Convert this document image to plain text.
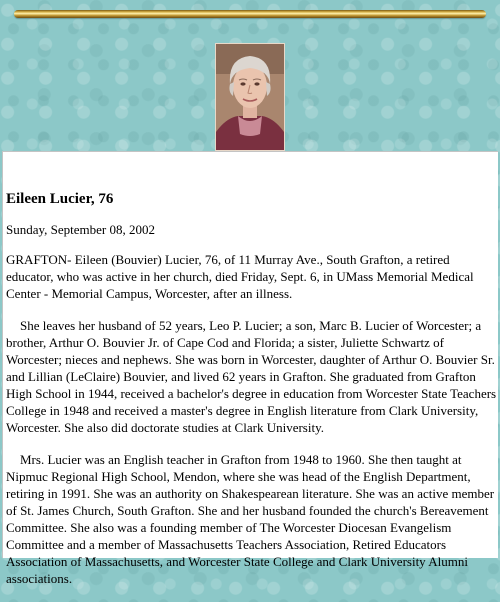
Eileen Lucier, 76
Sunday, September 08, 2002

GRAFTON- Eileen (Bouvier) Lucier, 76, of 11 Murray Ave., South Grafton, a retired educator, who was active in her church, died Friday, Sept. 6, in UMass Memorial Medical Center - Memorial Campus, Worcester, after an illness.

She leaves her husband of 52 years, Leo P. Lucier; a son, Marc B. Lucier of Worcester; a brother, Arthur O. Bouvier Jr. of Cape Cod and Florida; a sister, Juliette Schwartz of Worcester; nieces and nephews. She was born in Worcester, daughter of Arthur O. Bouvier Sr. and Lillian (LeClaire) Bouvier, and lived 62 years in Grafton. She graduated from Grafton High School in 1944, received a bachelor's degree in education from Worcester State Teachers College in 1948 and received a master's degree in English literature from Clark University, Worcester. She also did doctorate studies at Clark University.

Mrs. Lucier was an English teacher in Grafton from 1948 to 1960. She then taught at Nipmuc Regional High School, Mendon, where she was head of the English Department, retiring in 1991. She was an authority on Shakespearean literature. She was an active member of St. James Church, South Grafton. She and her husband founded the church's Bereavement Committee. She also was a founding member of The Worcester Diocesan Evangelism Committee and a member of Massachusetts Teachers Association, Retired Educators Association of Massachusetts, and Worcester State College and Clark University Alumni associations.
